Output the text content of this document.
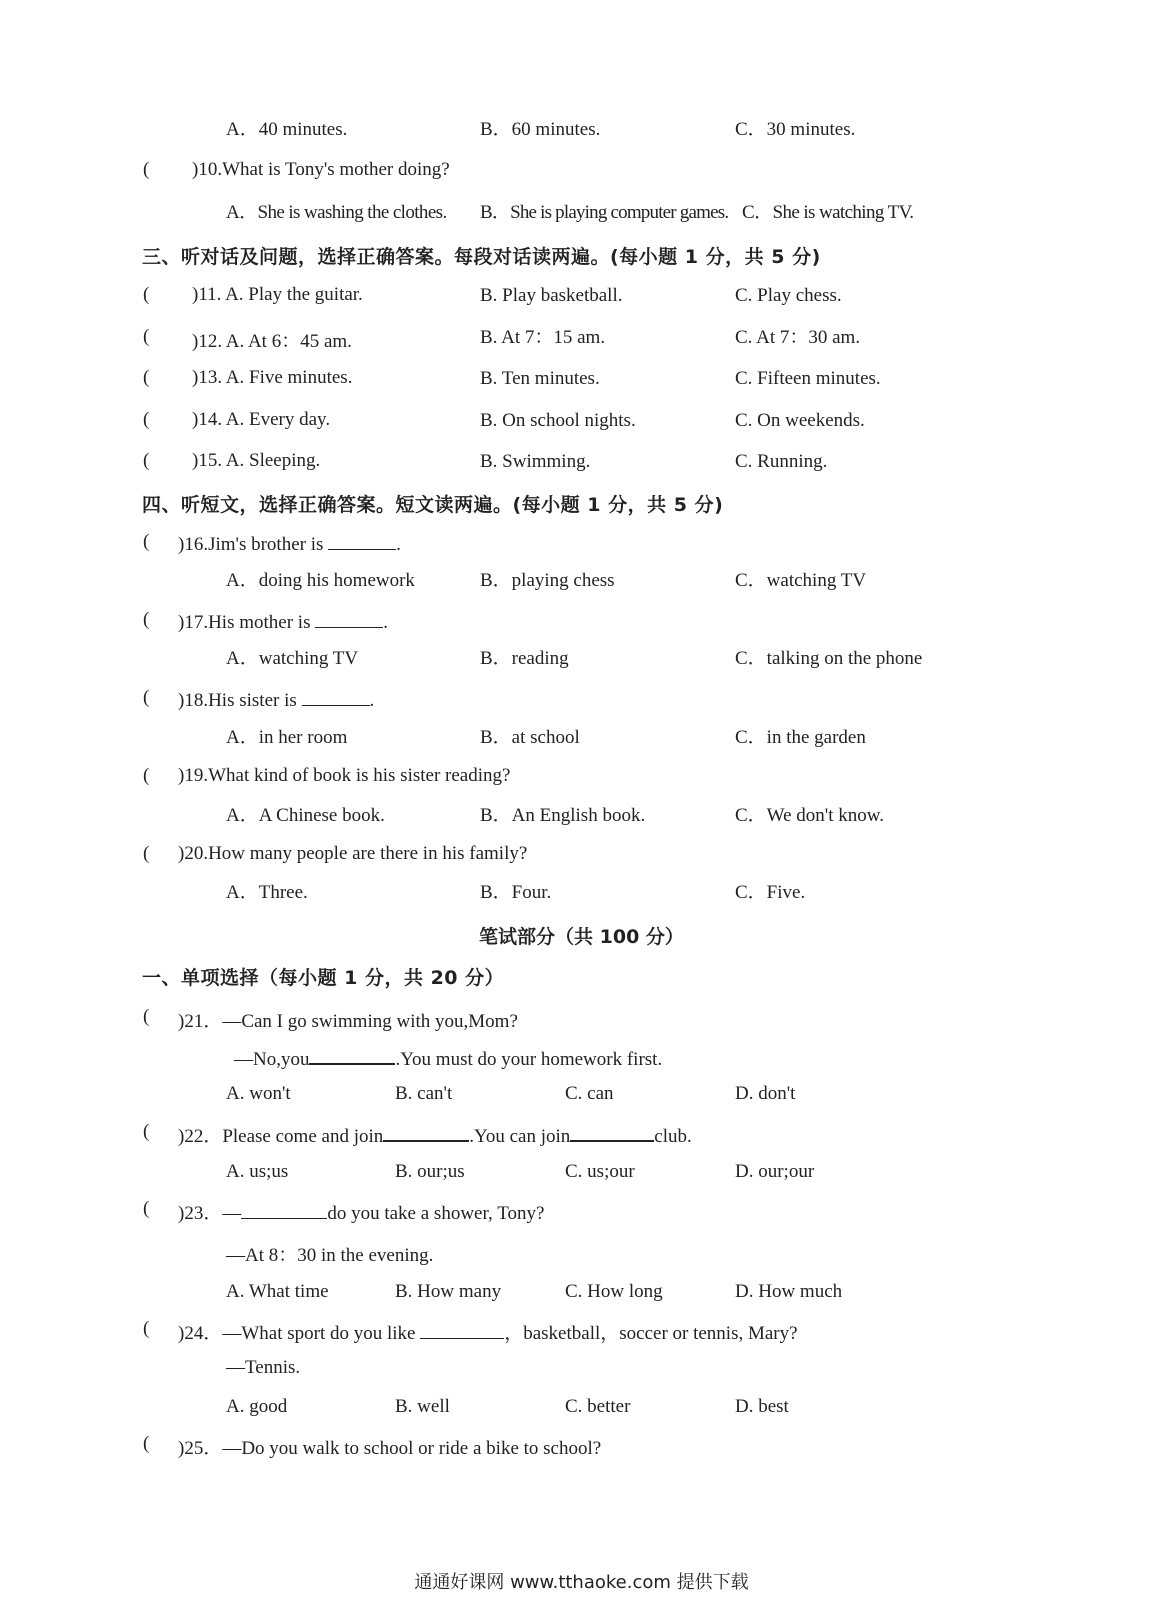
A．40 minutes.	B．60 minutes.	C．30 minutes.
( )10.What is Tony's mother doing?
A．She is washing the clothes. B．She is playing computer games. C．She is watching TV.
三、听对话及问题，选择正确答案。每段对话读两遍。(每小题 1 分，共 5 分)
( )11. A. Play the guitar.	B. Play basketball.	C. Play chess.
( )12. A. At 6：45 am.	B. At 7：15 am.	C. At 7：30 am.
( )13. A. Five minutes.	B. Ten minutes.	C. Fifteen minutes.
( )14. A. Every day.	B. On school nights.	C. On weekends.
( )15. A. Sleeping.	B. Swimming.	C. Running.
四、听短文，选择正确答案。短文读两遍。(每小题 1 分，共 5 分)
( )16.Jim's brother is	.
A．doing his homework	B．playing chess	C．watching TV
( )17.His mother is	.
A．watching TV	B．reading	C．talking on the phone
( )18.His sister is	.
A．in her room	B．at school	C．in the garden
( )19.What kind of book is his sister reading?
A．A Chinese book.	B．An English book.	C．We don't know.
( )20.How many people are there in his family?
A．Three.	B．Four.	C．Five.
笔试部分（共 100 分）
一、单项选择（每小题 1 分，共 20 分）
( )21．—Can I go swimming with you,Mom?
—No,you	.You must do your homework first.
A. won't	B. can't	C. can	D. don't
( )22．Please come and join	.You can join	club.
A. us;us	B. our;us	C. us;our	D. our;our
( )23．—	do you take a shower, Tony?
—At 8：30 in the evening.
A. What time	B. How many	C. How long	D. How much
( )24．—What sport do you like	，basketball，soccer or tennis, Mary?
—Tennis.
A. good	B. well	C. better	D. best
( )25．—Do you walk to school or ride a bike to school?
通通好课网 www.tthaoke.com 提供下载
